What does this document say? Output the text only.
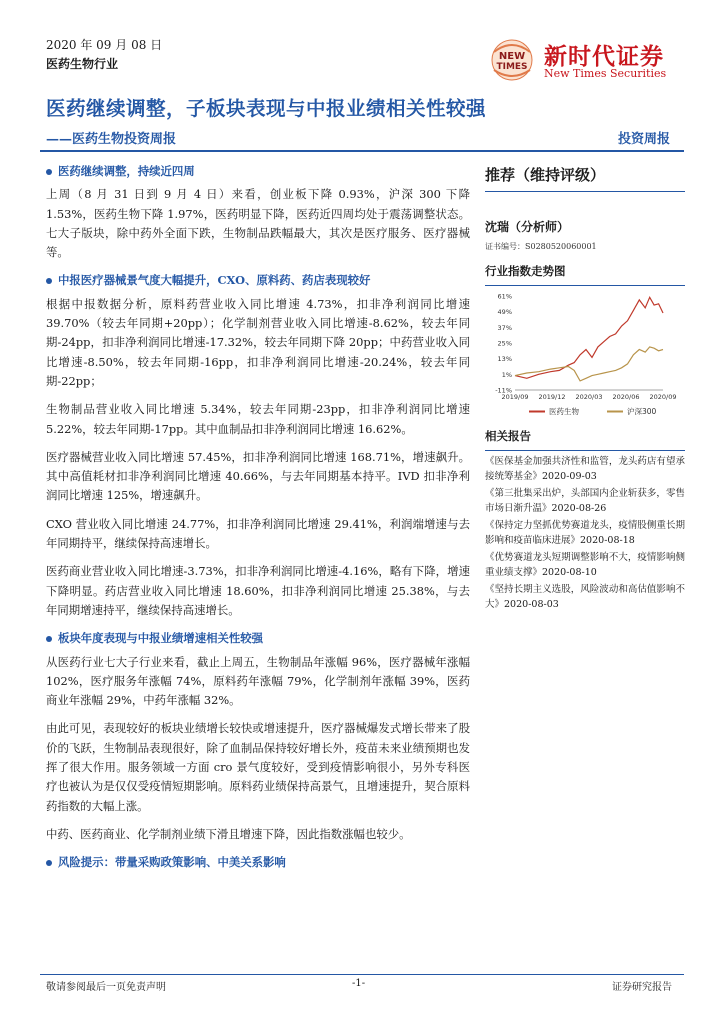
2020 年 09 月 08 日
医药生物行业
NEW
TIMES 新时代证券
New Times Securities
医药继续调整，子板块表现与中报业绩相关性较强
——医药生物投资周报	投资周报
医药继续调整，持续近四周

上周（8 月 31 日到 9 月 4 日）来看，创业板下降 0.93%，沪深 300 下降 1.53%，医药生物下降 1.97%，医药明显下降，医药近四周均处于震荡调整状态。七大子版块，除中药外全面下跌，生物制品跌幅最大，其次是医疗服务、医疗器械等。

中报医疗器械景气度大幅提升，CXO、原料药、药店表现较好

根据中报数据分析，原料药营业收入同比增速 4.73%，扣非净利润同比增速 39.70%（较去年同期+20pp）；化学制剂营业收入同比增速-8.62%，较去年同期-24pp，扣非净利润同比增速-17.32%，较去年同期下降 20pp；中药营业收入同比增速-8.50%，较去年同期-16pp，扣非净利润同比增速-20.24%，较去年同期-22pp；

生物制品营业收入同比增速 5.34%，较去年同期-23pp，扣非净利润同比增速 5.22%，较去年同期-17pp。其中血制品扣非净利润同比增速 16.62%。

医疗器械营业收入同比增速 57.45%，扣非净利润同比增速 168.71%，增速飙升。其中高值耗材扣非净利润同比增速 40.66%，与去年同期基本持平。IVD 扣非净利润同比增速 125%，增速飙升。

CXO 营业收入同比增速 24.77%，扣非净利润同比增速 29.41%，利润端增速与去年同期持平，继续保持高速增长。

医药商业营业收入同比增速-3.73%，扣非净利润同比增速-4.16%，略有下降，增速下降明显。药店营业收入同比增速 18.60%，扣非净利润同比增速 25.38%，与去年同期增速持平，继续保持高速增长。

板块年度表现与中报业绩增速相关性较强

从医药行业七大子行业来看，截止上周五，生物制品年涨幅 96%，医疗器械年涨幅 102%，医疗服务年涨幅 74%，原料药年涨幅 79%，化学制剂年涨幅 39%，医药商业年涨幅 29%，中药年涨幅 32%。

由此可见，表现较好的板块业绩增长较快或增速提升，医疗器械爆发式增长带来了股价的飞跃，生物制品表现很好，除了血制品保持较好增长外，疫苗未来业绩预期也发挥了很大作用。服务领域一方面 cro 景气度较好，受到疫情影响很小，另外专科医疗也被认为是仅仅受疫情短期影响。原料药业绩保持高景气，且增速提升，契合原料药指数的大幅上涨。

中药、医药商业、化学制剂业绩下滑且增速下降，因此指数涨幅也较少。

风险提示：带量采购政策影响、中美关系影响
推荐（维持评级）
沈瑞（分析师）
证书编号：S0280520060001
行业指数走势图
61%
49%
37%
25%
13%
1%
-11%
2019/09 2019/12 2020/03 2020/06 2020/09
医药生物	沪深300
相关报告
《医保基金加强共济性和监管，龙头药店有望承接统筹基金》2020-09-03
《第三批集采出炉，头部国内企业斩获多，零售市场日渐升温》2020-08-26
《保持定力坚抓优势赛道龙头，疫情股侧重长期影响和疫苗临床进展》2020-08-18
《优势赛道龙头短期调整影响不大，疫情影响侧重业绩支撑》2020-08-10
《坚持长期主义选股，风险波动和高估值影响不大》2020-08-03
敬请参阅最后一页免责声明	-1-	证券研究报告
